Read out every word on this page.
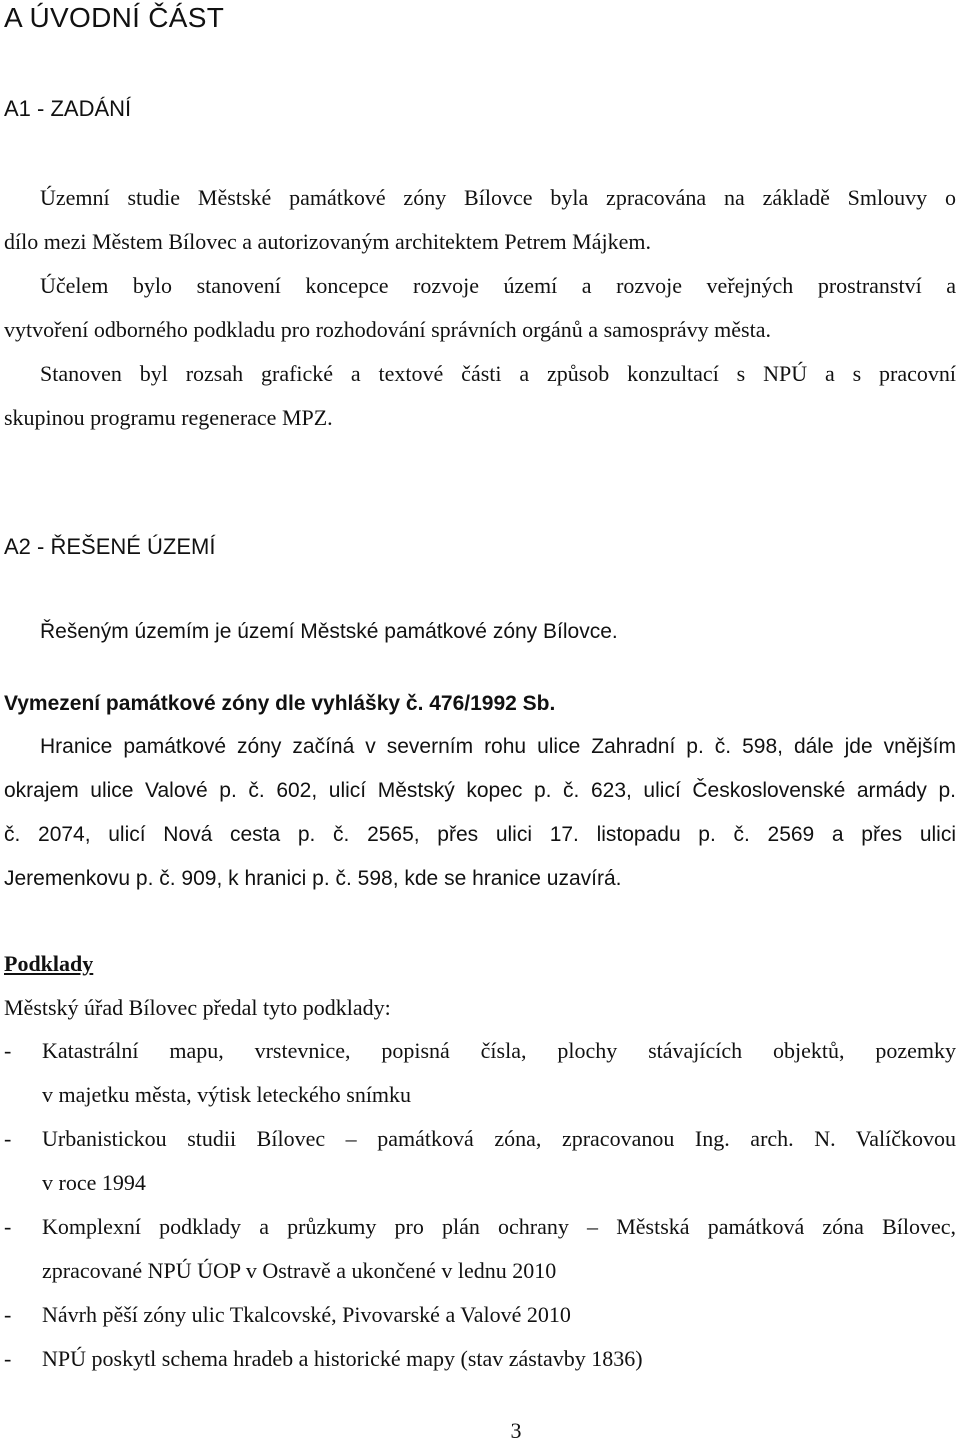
A ÚVODNÍ ČÁST
A1 - ZADÁNÍ
Územní studie Městské památkové zóny Bílovce byla zpracována na základě Smlouvy o
dílo mezi Městem Bílovec a autorizovaným architektem Petrem Májkem.
Účelem bylo stanovení koncepce rozvoje území a rozvoje veřejných prostranství a
vytvoření odborného podkladu pro rozhodování správních orgánů a samosprávy města.
Stanoven byl rozsah grafické a textové části a způsob konzultací s NPÚ a s pracovní
skupinou programu regenerace MPZ.
A2 - ŘEŠENÉ ÚZEMÍ
Řešeným územím je území Městské památkové zóny Bílovce.
Vymezení památkové zóny dle vyhlášky č. 476/1992 Sb.
Hranice památkové zóny začíná v severním rohu ulice Zahradní p. č. 598, dále jde vnějším
okrajem ulice Valové p. č. 602, ulicí Městský kopec p. č. 623, ulicí Československé armády p.
č. 2074, ulicí Nová cesta p. č. 2565, přes ulici 17. listopadu p. č. 2569 a přes ulici
Jeremenkovu p. č. 909, k hranici p. č. 598, kde se hranice uzavírá.
Podklady
Městský úřad Bílovec předal tyto podklady:
- Katastrální mapu, vrstevnice, popisná čísla, plochy stávajících objektů, pozemky
v majetku města, výtisk leteckého snímku
- Urbanistickou studii Bílovec – památková zóna, zpracovanou Ing. arch. N. Valíčkovou
v roce 1994
- Komplexní podklady a průzkumy pro plán ochrany – Městská památková zóna Bílovec,
zpracované NPÚ ÚOP v Ostravě a ukončené v lednu 2010
- Návrh pěší zóny ulic Tkalcovské, Pivovarské a Valové 2010
- NPÚ poskytl schema hradeb a historické mapy (stav zástavby 1836)
3
